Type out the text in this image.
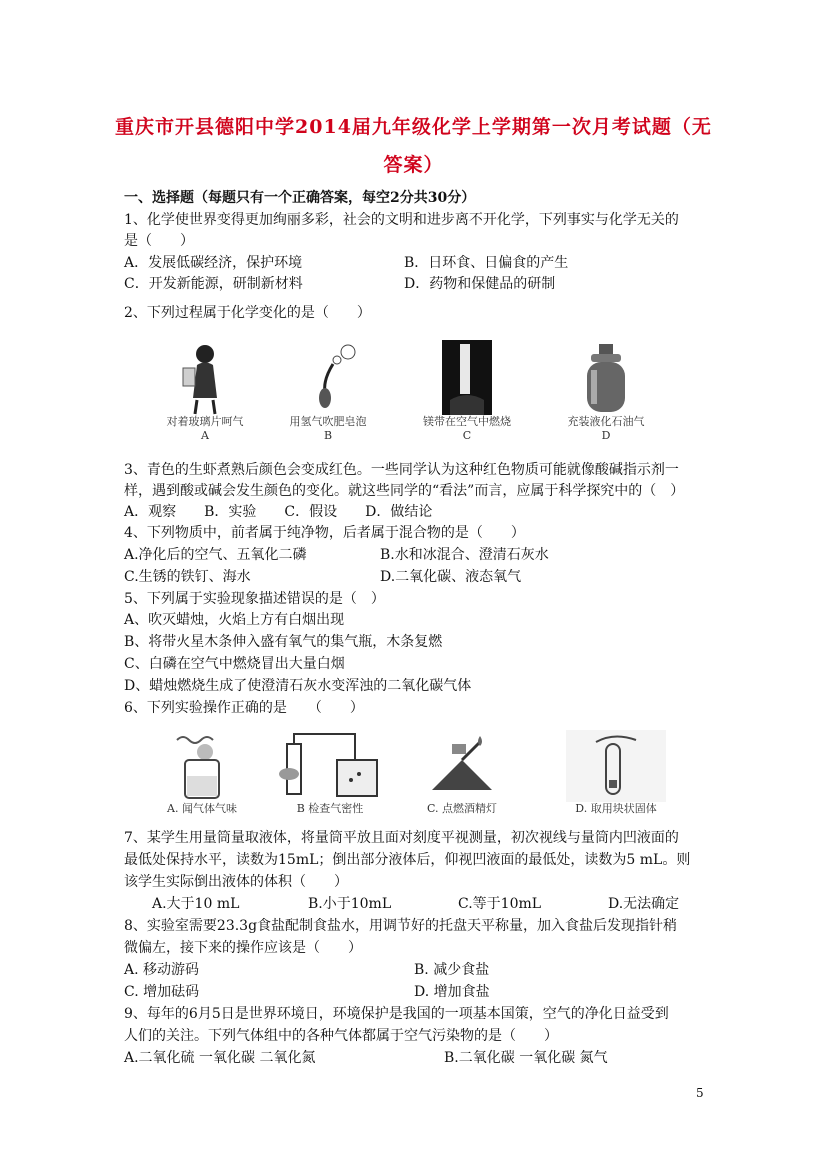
重庆市开县德阳中学2014届九年级化学上学期第一次月考试题（无
答案）
一、选择题（每题只有一个正确答案，每空2分共30分）
1、化学使世界变得更加绚丽多彩，社会的文明和进步离不开化学，下列事实与化学无关的
是（　　）
A．发展低碳经济，保护环境	B．日环食、日偏食的产生
C．开发新能源，研制新材料	D．药物和保健品的研制
2、下列过程属于化学变化的是（　　）
对着玻璃片呵气
A
用氢气吹肥皂泡
B
镁带在空气中燃烧
C
充装液化石油气
D
3、青色的生虾煮熟后颜色会变成红色。一些同学认为这种红色物质可能就像酸碱指示剂一
样，遇到酸或碱会发生颜色的变化。就这些同学的“看法”而言，应属于科学探究中的（　）
A．观察　　B．实验　　C．假设　　D．做结论
4、下列物质中，前者属于纯净物，后者属于混合物的是（　　）
A.净化后的空气、五氧化二磷	B.水和冰混合、澄清石灰水
C.生锈的铁钉、海水	D.二氧化碳、液态氧气
5、下列属于实验现象描述错误的是（　）
A、吹灭蜡烛，火焰上方有白烟出现
B、将带火星木条伸入盛有氧气的集气瓶，木条复燃
C、白磷在空气中燃烧冒出大量白烟
D、蜡烛燃烧生成了使澄清石灰水变浑浊的二氧化碳气体
6、下列实验操作正确的是　　（　　）
A. 闻气体气味	B 检查气密性	C. 点燃酒精灯	D. 取用块状固体
7、某学生用量筒量取液体，将量筒平放且面对刻度平视测量，初次视线与量筒内凹液面的
最低处保持水平，读数为15mL；倒出部分液体后，仰视凹液面的最低处，读数为5 mL。则
该学生实际倒出液体的体积（　　）
A.大于10 mL	B.小于10mL	C.等于10mL	D.无法确定
8、实验室需要23.3g食盐配制食盐水，用调节好的托盘天平称量，加入食盐后发现指针稍
微偏左，接下来的操作应该是（　　）
A. 移动游码	B. 减少食盐
C. 增加砝码	D. 增加食盐
9、每年的6月5日是世界环境日，环境保护是我国的一项基本国策，空气的净化日益受到
人们的关注。下列气体组中的各种气体都属于空气污染物的是（　　）
A.二氧化硫 一氧化碳 二氧化氮	B.二氧化碳 一氧化碳 氮气
5
